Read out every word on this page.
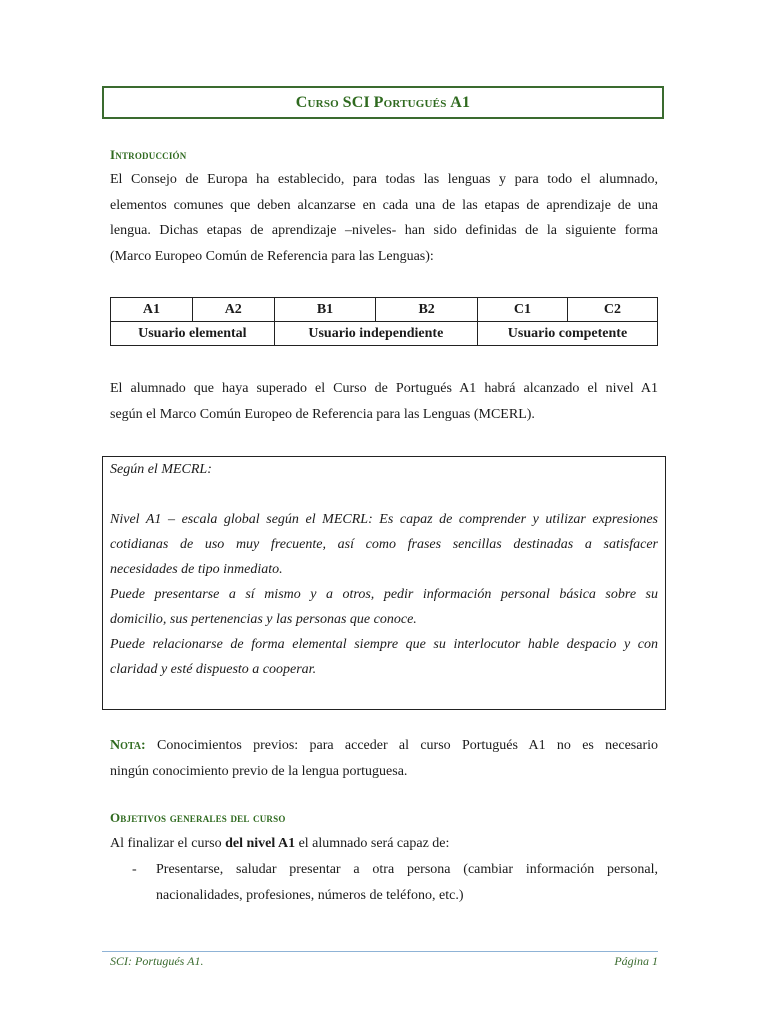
Curso SCI Portugués A1
Introducción
El Consejo de Europa ha establecido, para todas las lenguas y para todo el alumnado,
elementos comunes que deben alcanzarse en cada una de las etapas de aprendizaje de una
lengua. Dichas etapas de aprendizaje –niveles- han sido definidas de la siguiente forma
(Marco Europeo Común de Referencia para las Lenguas):
A1	A2	B1	B2	C1	C2
Usuario elemental		Usuario independiente		Usuario competente	
El alumnado que haya superado el Curso de Portugués A1 habrá alcanzado el nivel A1
según el Marco Común Europeo de Referencia para las Lenguas (MCERL).
Según el MECRL:
Nivel A1 – escala global según el MECRL: Es capaz de comprender y utilizar expresiones
cotidianas de uso muy frecuente, así como frases sencillas destinadas a satisfacer
necesidades de tipo inmediato.
Puede presentarse a sí mismo y a otros, pedir información personal básica sobre su
domicilio, sus pertenencias y las personas que conoce.
Puede relacionarse de forma elemental siempre que su interlocutor hable despacio y con
claridad y esté dispuesto a cooperar.
Nota: Conocimientos previos: para acceder al curso Portugués A1 no es necesario
ningún conocimiento previo de la lengua portuguesa.
Objetivos generales del curso
Al finalizar el curso del nivel A1 el alumnado será capaz de:
- Presentarse, saludar presentar a otra persona (cambiar información personal,
nacionalidades, profesiones, números de teléfono, etc.)
SCI: Portugués A1.	Página 1
